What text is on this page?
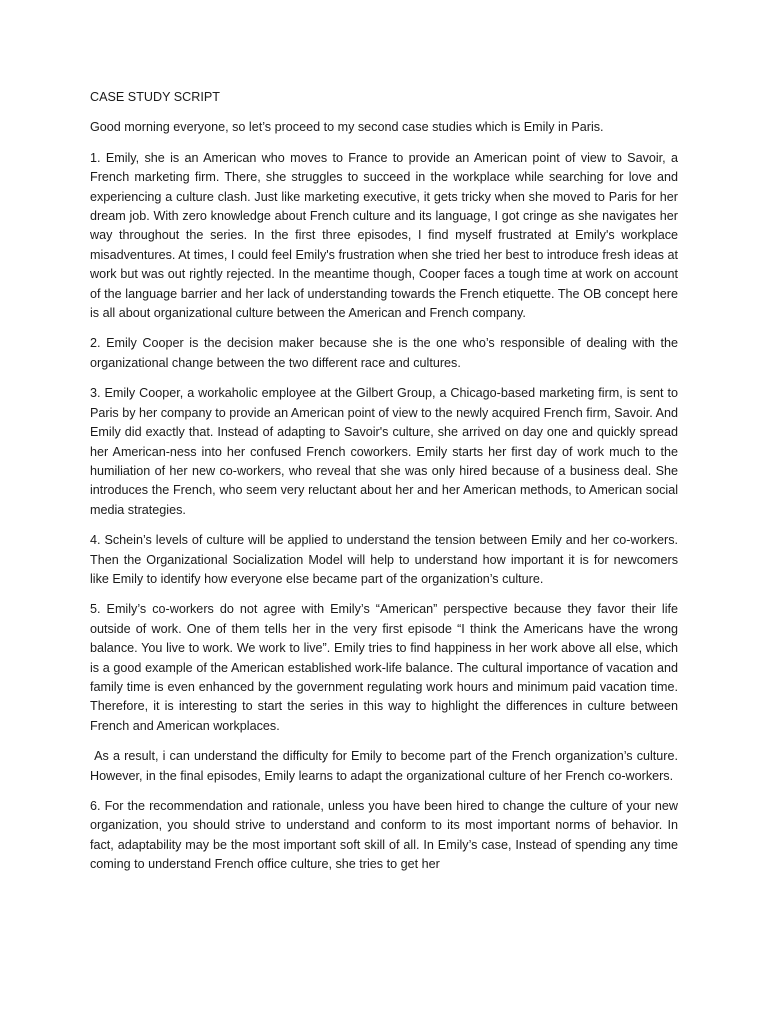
CASE STUDY SCRIPT

Good morning everyone, so let’s proceed to my second case studies which is Emily in Paris.

1. Emily, she is an American who moves to France to provide an American point of view to Savoir, a French marketing firm. There, she struggles to succeed in the workplace while searching for love and experiencing a culture clash. Just like marketing executive, it gets tricky when she moved to Paris for her dream job. With zero knowledge about French culture and its language, I got cringe as she navigates her way throughout the series. In the first three episodes, I find myself frustrated at Emily's workplace misadventures. At times, I could feel Emily's frustration when she tried her best to introduce fresh ideas at work but was out rightly rejected. In the meantime though, Cooper faces a tough time at work on account of the language barrier and her lack of understanding towards the French etiquette. The OB concept here is all about organizational culture between the American and French company.

2. Emily Cooper is the decision maker because she is the one who’s responsible of dealing with the organizational change between the two different race and cultures.

3. Emily Cooper, a workaholic employee at the Gilbert Group, a Chicago-based marketing firm, is sent to Paris by her company to provide an American point of view to the newly acquired French firm, Savoir. And Emily did exactly that. Instead of adapting to Savoir's culture, she arrived on day one and quickly spread her American-ness into her confused French coworkers. Emily starts her first day of work much to the humiliation of her new co-workers, who reveal that she was only hired because of a business deal. She introduces the French, who seem very reluctant about her and her American methods, to American social media strategies.

4. Schein’s levels of culture will be applied to understand the tension between Emily and her co-workers. Then the Organizational Socialization Model will help to understand how important it is for newcomers like Emily to identify how everyone else became part of the organization’s culture.

5. Emily’s co-workers do not agree with Emily’s “American” perspective because they favor their life outside of work. One of them tells her in the very first episode “I think the Americans have the wrong balance. You live to work. We work to live”. Emily tries to find happiness in her work above all else, which is a good example of the American established work-life balance. The cultural importance of vacation and family time is even enhanced by the government regulating work hours and minimum paid vacation time. Therefore, it is interesting to start the series in this way to highlight the differences in culture between French and American workplaces.

As a result, i can understand the difficulty for Emily to become part of the French organization’s culture. However, in the final episodes, Emily learns to adapt the organizational culture of her French co-workers.

6. For the recommendation and rationale, unless you have been hired to change the culture of your new organization, you should strive to understand and conform to its most important norms of behavior. In fact, adaptability may be the most important soft skill of all. In Emily’s case, Instead of spending any time coming to understand French office culture, she tries to get her
